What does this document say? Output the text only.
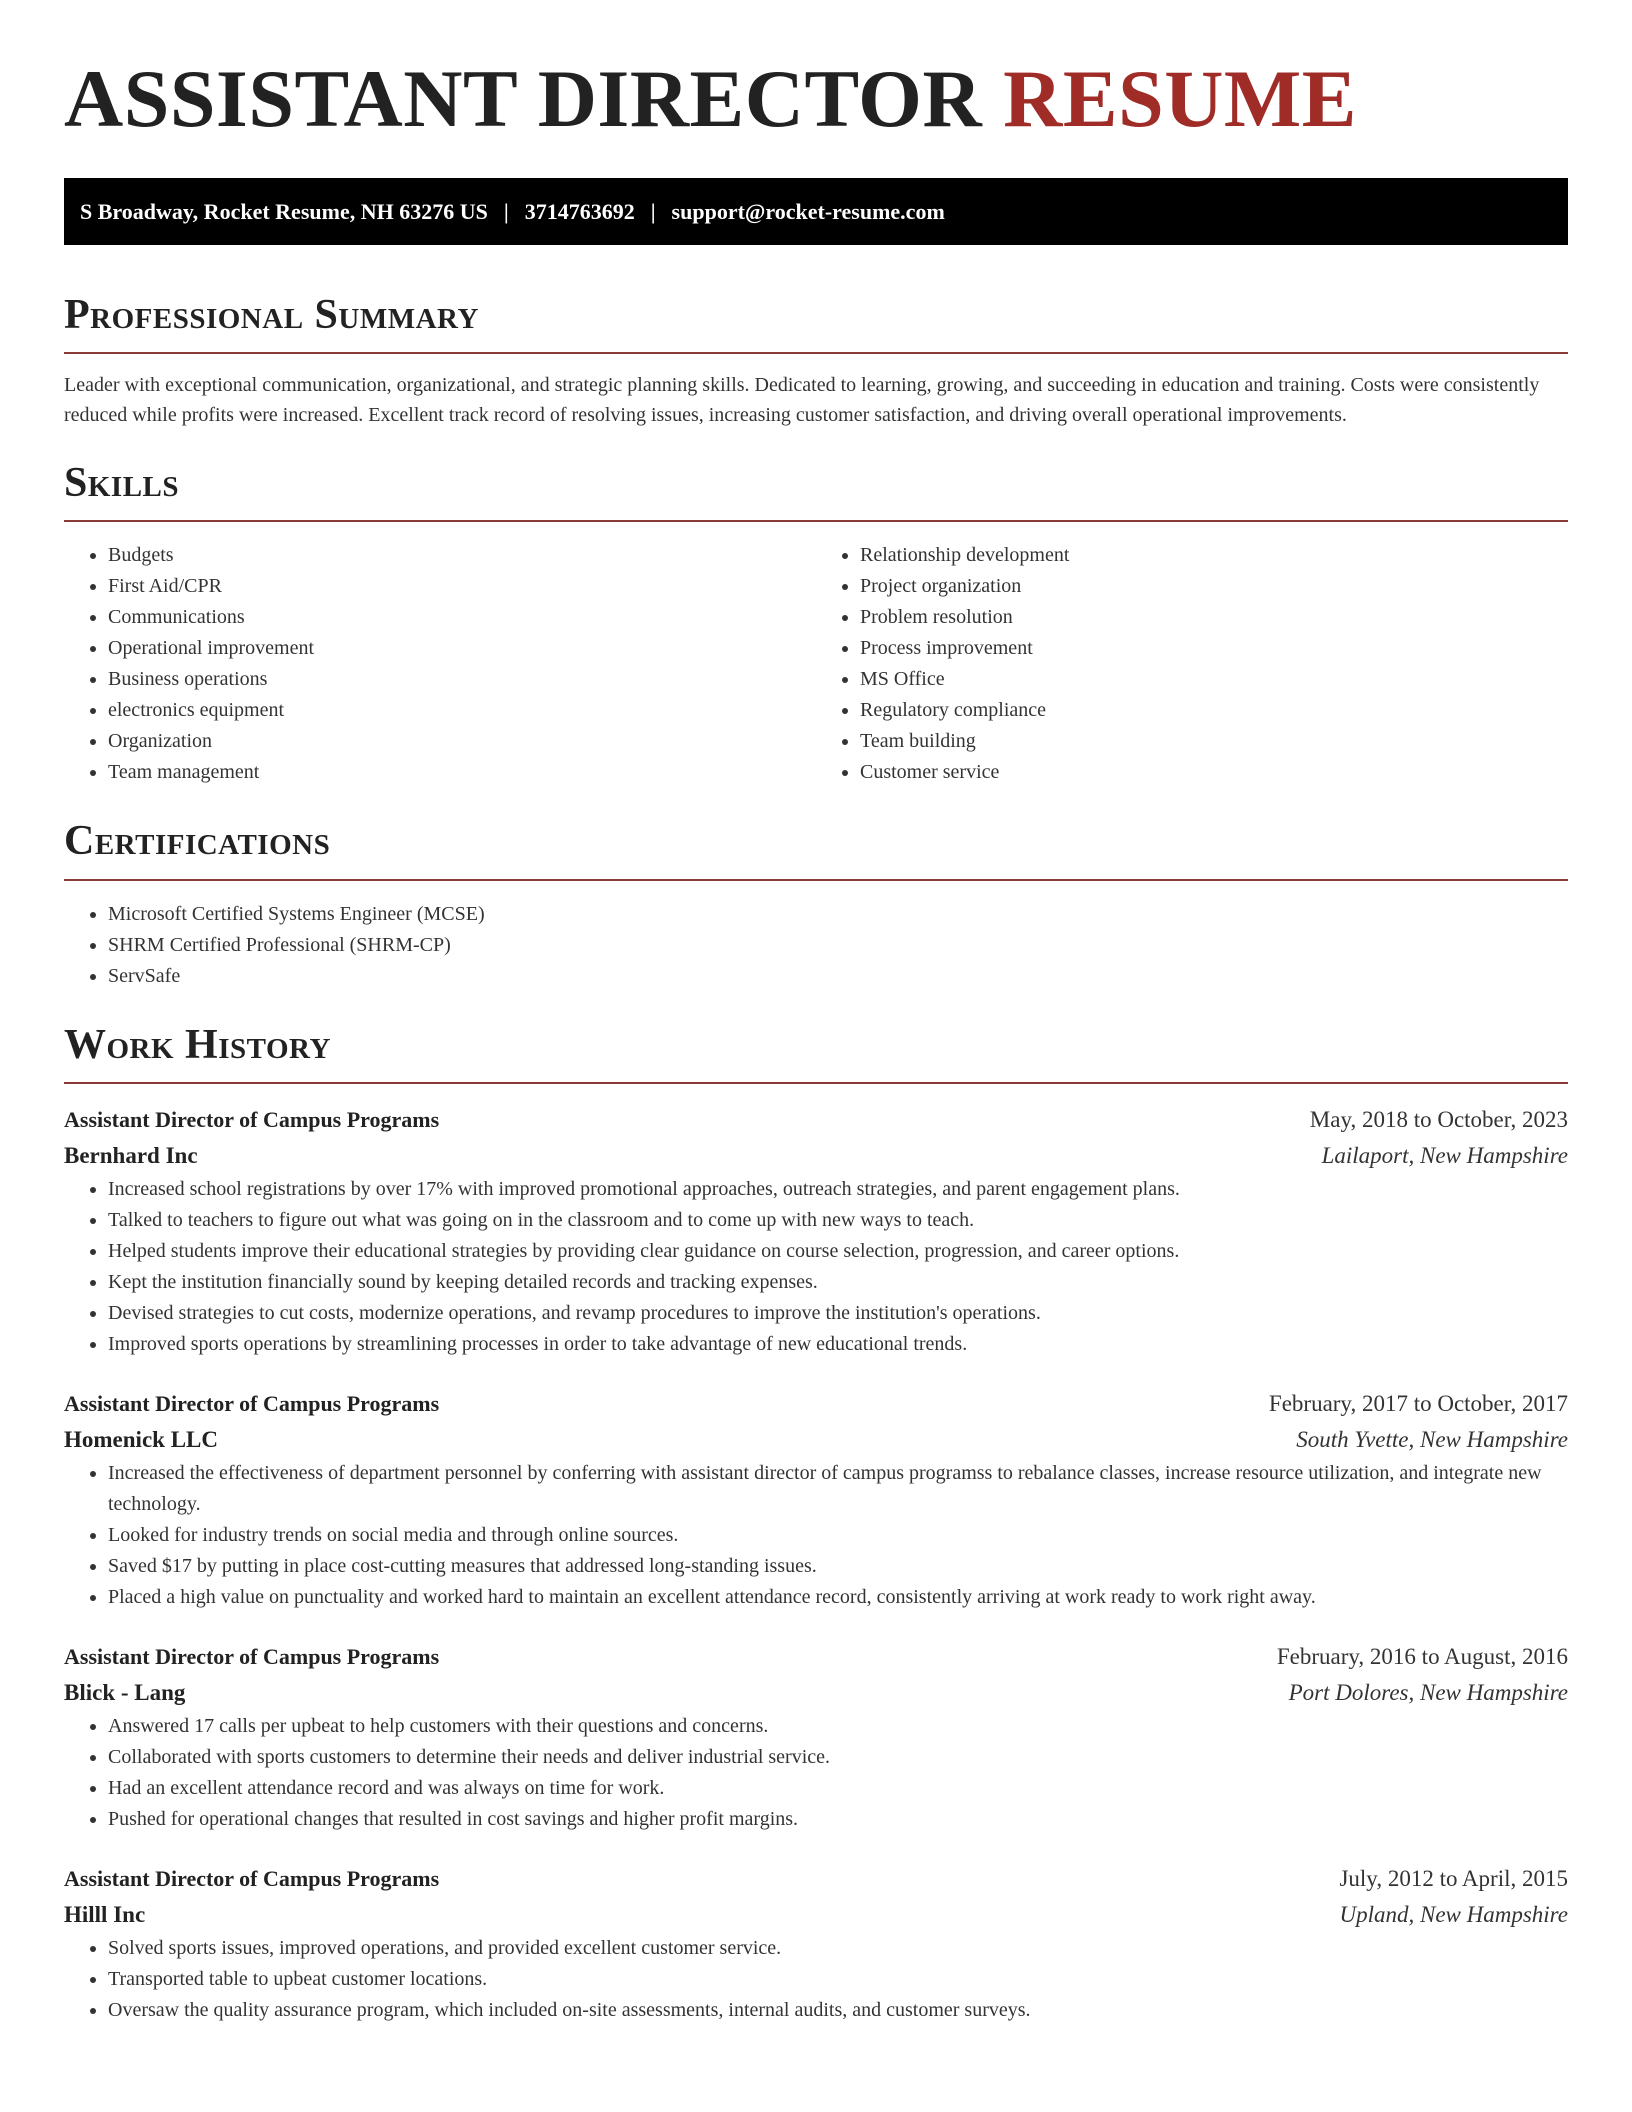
ASSISTANT DIRECTOR RESUME
S Broadway, Rocket Resume, NH 63276 US | 3714763692 | support@rocket-resume.com
Professional Summary

Leader with exceptional communication, organizational, and strategic planning skills. Dedicated to learning, growing, and succeeding in education and training. Costs were consistently reduced while profits were increased. Excellent track record of resolving issues, increasing customer satisfaction, and driving overall operational improvements.

Skills
• Budgets
• First Aid/CPR
• Communications
• Operational improvement
• Business operations
• electronics equipment
• Organization
• Team management
• Relationship development
• Project organization
• Problem resolution
• Process improvement
• MS Office
• Regulatory compliance
• Team building
• Customer service
Certifications
• Microsoft Certified Systems Engineer (MCSE)
• SHRM Certified Professional (SHRM-CP)
• ServSafe
Work History
Assistant Director of Campus Programs	May, 2018 to October, 2023
Bernhard Inc	Lailaport, New Hampshire
• Increased school registrations by over 17% with improved promotional approaches, outreach strategies, and parent engagement plans.
• Talked to teachers to figure out what was going on in the classroom and to come up with new ways to teach.
• Helped students improve their educational strategies by providing clear guidance on course selection, progression, and career options.
• Kept the institution financially sound by keeping detailed records and tracking expenses.
• Devised strategies to cut costs, modernize operations, and revamp procedures to improve the institution's operations.
• Improved sports operations by streamlining processes in order to take advantage of new educational trends.
Assistant Director of Campus Programs	February, 2017 to October, 2017
Homenick LLC	South Yvette, New Hampshire
• Increased the effectiveness of department personnel by conferring with assistant director of campus programss to rebalance classes, increase resource utilization, and integrate new technology.
• Looked for industry trends on social media and through online sources.
• Saved $17 by putting in place cost-cutting measures that addressed long-standing issues.
• Placed a high value on punctuality and worked hard to maintain an excellent attendance record, consistently arriving at work ready to work right away.
Assistant Director of Campus Programs	February, 2016 to August, 2016
Blick - Lang	Port Dolores, New Hampshire
• Answered 17 calls per upbeat to help customers with their questions and concerns.
• Collaborated with sports customers to determine their needs and deliver industrial service.
• Had an excellent attendance record and was always on time for work.
• Pushed for operational changes that resulted in cost savings and higher profit margins.
Assistant Director of Campus Programs	July, 2012 to April, 2015
Hilll Inc	Upland, New Hampshire
• Solved sports issues, improved operations, and provided excellent customer service.
• Transported table to upbeat customer locations.
• Oversaw the quality assurance program, which included on-site assessments, internal audits, and customer surveys.
